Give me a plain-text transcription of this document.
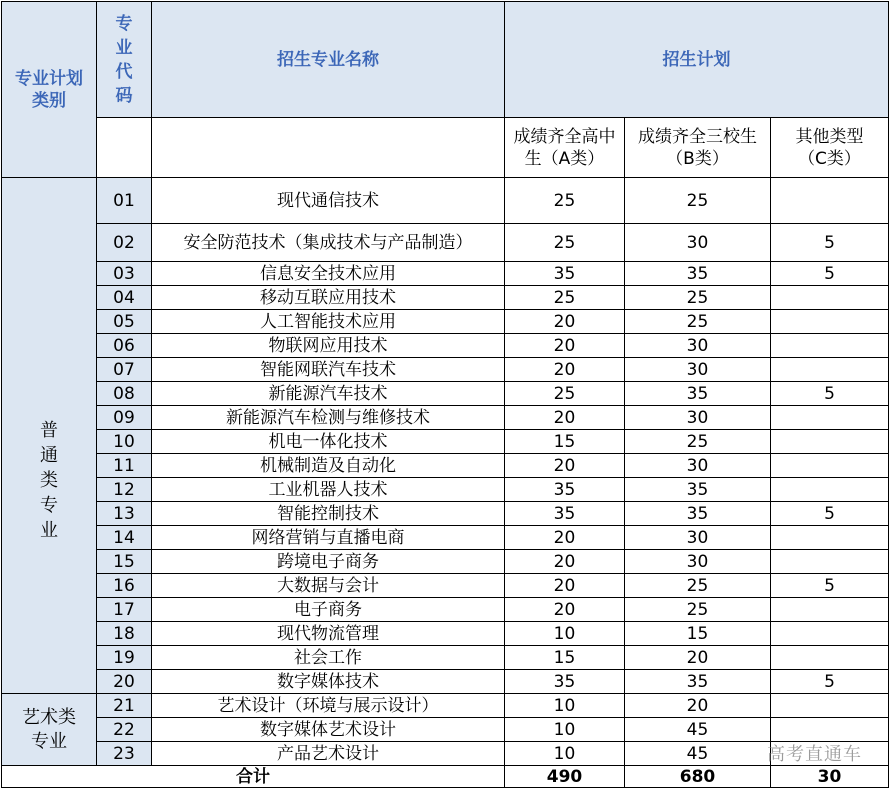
专业计划类别	专业代码	招生专业名称	招生计划		

			成绩齐全高中生（A类）	成绩齐全三校生（B类）	其他类型（C类）

普
通
类
专
业	01	现代通信技术	25	25	
	02	安全防范技术（集成技术与产品制造）	25	30	5
	03	信息安全技术应用	35	35	5
	04	移动互联应用技术	25	25	
	05	人工智能技术应用	20	25	
	06	物联网应用技术	20	30	
	07	智能网联汽车技术	20	30	
	08	新能源汽车技术	25	35	5
	09	新能源汽车检测与维修技术	20	30	
	10	机电一体化技术	15	25	
	11	机械制造及自动化	20	30	
	12	工业机器人技术	35	35	
	13	智能控制技术	35	35	5
	14	网络营销与直播电商	20	30	
	15	跨境电子商务	20	30	
	16	大数据与会计	20	25	5
	17	电子商务	20	25	
	18	现代物流管理	10	15	
	19	社会工作	15	20	
	20	数字媒体技术	35	35	5

艺术类
专业	21	艺术设计（环境与展示设计）	10	20	
	22	数字媒体艺术设计	10	45	
	23	产品艺术设计	10	45	
合计			490	680	30
高考直通车
